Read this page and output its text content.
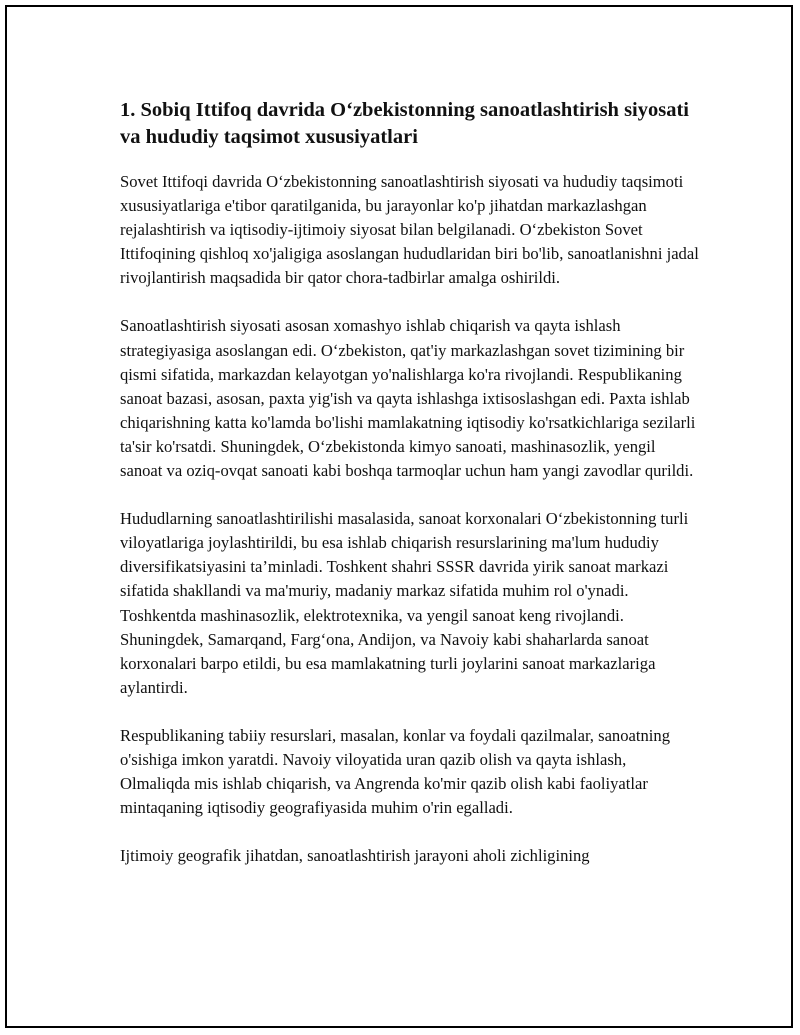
1. Sobiq Ittifoq davrida O‘zbekistonning sanoatlashtirish siyosati va hududiy taqsimot xususiyatlari

Sovet Ittifoqi davrida O‘zbekistonning sanoatlashtirish siyosati va hududiy taqsimoti xususiyatlariga e'tibor qaratilganida, bu jarayonlar ko'p jihatdan markazlashgan rejalashtirish va iqtisodiy-ijtimoiy siyosat bilan belgilanadi. O‘zbekiston Sovet Ittifoqining qishloq xo'jaligiga asoslangan hududlaridan biri bo'lib, sanoatlanishni jadal rivojlantirish maqsadida bir qator chora-tadbirlar amalga oshirildi.

Sanoatlashtirish siyosati asosan xomashyo ishlab chiqarish va qayta ishlash strategiyasiga asoslangan edi. O‘zbekiston, qat'iy markazlashgan sovet tizimining bir qismi sifatida, markazdan kelayotgan yo'nalishlarga ko'ra rivojlandi. Respublikaning sanoat bazasi, asosan, paxta yig'ish va qayta ishlashga ixtisoslashgan edi. Paxta ishlab chiqarishning katta ko'lamda bo'lishi mamlakatning iqtisodiy ko'rsatkichlariga sezilarli ta'sir ko'rsatdi. Shuningdek, O‘zbekistonda kimyo sanoati, mashinasozlik, yengil sanoat va oziq-ovqat sanoati kabi boshqa tarmoqlar uchun ham yangi zavodlar qurildi.

Hududlarning sanoatlashtirilishi masalasida, sanoat korxonalari O‘zbekistonning turli viloyatlariga joylashtirildi, bu esa ishlab chiqarish resurslarining ma'lum hududiy diversifikatsiyasini ta’minladi. Toshkent shahri SSSR davrida yirik sanoat markazi sifatida shakllandi va ma'muriy, madaniy markaz sifatida muhim rol o'ynadi. Toshkentda mashinasozlik, elektrotexnika, va yengil sanoat keng rivojlandi. Shuningdek, Samarqand, Farg‘ona, Andijon, va Navoiy kabi shaharlarda sanoat korxonalari barpo etildi, bu esa mamlakatning turli joylarini sanoat markazlariga aylantirdi.

Respublikaning tabiiy resurslari, masalan, konlar va foydali qazilmalar, sanoatning o'sishiga imkon yaratdi. Navoiy viloyatida uran qazib olish va qayta ishlash, Olmaliqda mis ishlab chiqarish, va Angrenda ko'mir qazib olish kabi faoliyatlar mintaqaning iqtisodiy geografiyasida muhim o'rin egalladi.

Ijtimoiy geografik jihatdan, sanoatlashtirish jarayoni aholi zichligining
